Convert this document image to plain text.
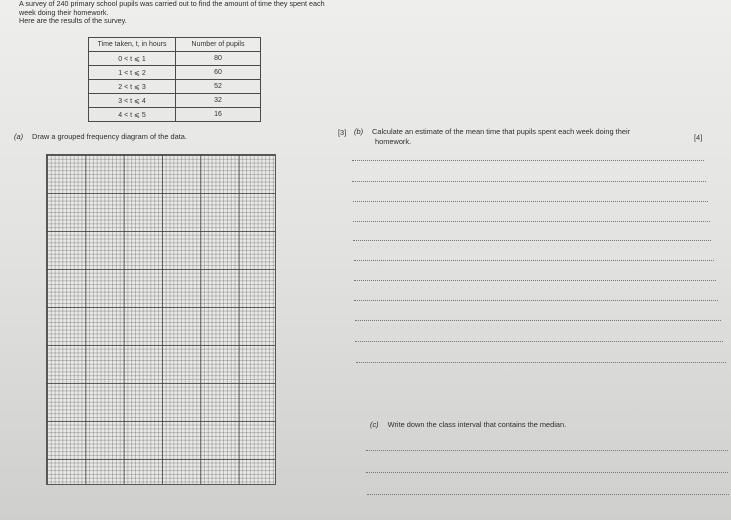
A survey of 240 primary school pupils was carried out to find the amount of time they spent each
week doing their homework.
Here are the results of the survey.
Time taken, t, in hours	Number of pupils
0 < t ⩽ 1	80
1 < t ⩽ 2	60
2 < t ⩽ 3	52
3 < t ⩽ 4	32
4 < t ⩽ 5	16
(a) Draw a grouped frequency diagram of the data.	[3] (b) Calculate an estimate of the mean time that pupils spent each week doing their
homework.	[4]
(c) Write down the class interval that contains the median.
